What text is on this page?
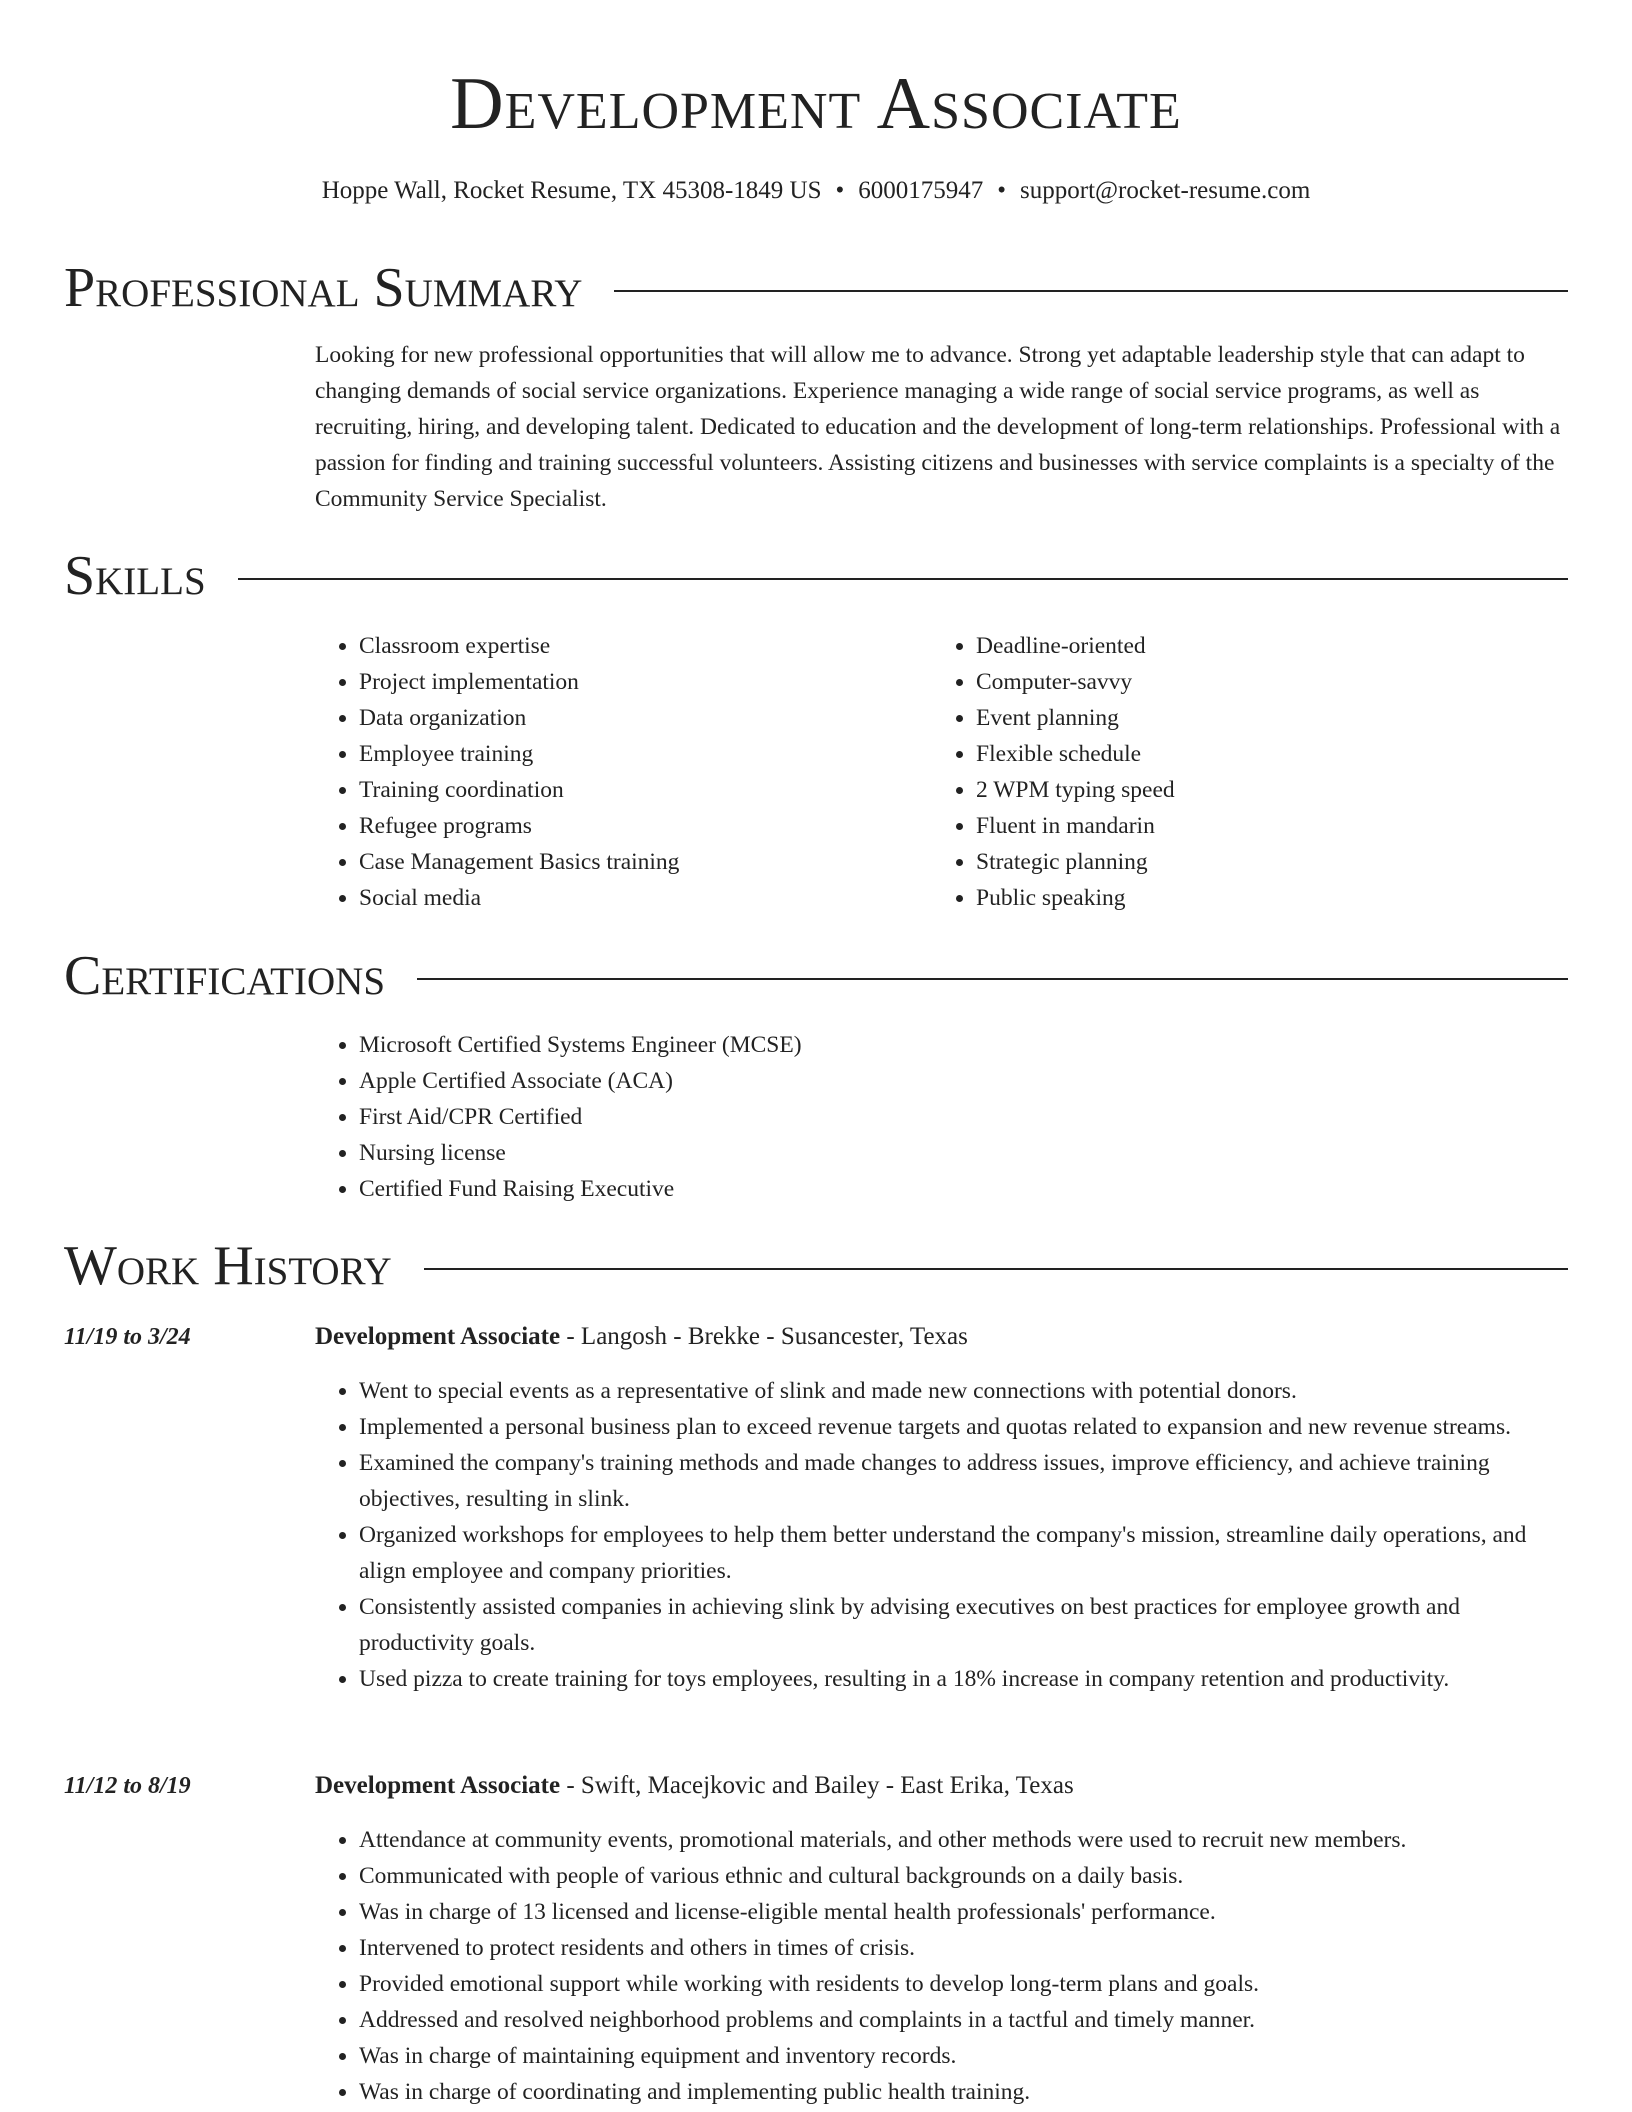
Development Associate
Hoppe Wall, Rocket Resume, TX 45308-1849 US • 6000175947 • support@rocket-resume.com
Professional Summary

Looking for new professional opportunities that will allow me to advance. Strong yet adaptable leadership style that can adapt to changing demands of social service organizations. Experience managing a wide range of social service programs, as well as recruiting, hiring, and developing talent. Dedicated to education and the development of long-term relationships. Professional with a passion for finding and training successful volunteers. Assisting citizens and businesses with service complaints is a specialty of the Community Service Specialist.

Skills
• Classroom expertise
• Project implementation
• Data organization
• Employee training
• Training coordination
• Refugee programs
• Case Management Basics training
• Social media
• Deadline-oriented
• Computer-savvy
• Event planning
• Flexible schedule
• 2 WPM typing speed
• Fluent in mandarin
• Strategic planning
• Public speaking
Certifications
• Microsoft Certified Systems Engineer (MCSE)
• Apple Certified Associate (ACA)
• First Aid/CPR Certified
• Nursing license
• Certified Fund Raising Executive
Work History
11/19 to 3/24	Development Associate - Langosh - Brekke - Susancester, Texas
• Went to special events as a representative of slink and made new connections with potential donors.
• Implemented a personal business plan to exceed revenue targets and quotas related to expansion and new revenue streams.
• Examined the company's training methods and made changes to address issues, improve efficiency, and achieve training objectives, resulting in slink.
• Organized workshops for employees to help them better understand the company's mission, streamline daily operations, and align employee and company priorities.
• Consistently assisted companies in achieving slink by advising executives on best practices for employee growth and productivity goals.
• Used pizza to create training for toys employees, resulting in a 18% increase in company retention and productivity.
11/12 to 8/19	Development Associate - Swift, Macejkovic and Bailey - East Erika, Texas
• Attendance at community events, promotional materials, and other methods were used to recruit new members.
• Communicated with people of various ethnic and cultural backgrounds on a daily basis.
• Was in charge of 13 licensed and license-eligible mental health professionals' performance.
• Intervened to protect residents and others in times of crisis.
• Provided emotional support while working with residents to develop long-term plans and goals.
• Addressed and resolved neighborhood problems and complaints in a tactful and timely manner.
• Was in charge of maintaining equipment and inventory records.
• Was in charge of coordinating and implementing public health training.
